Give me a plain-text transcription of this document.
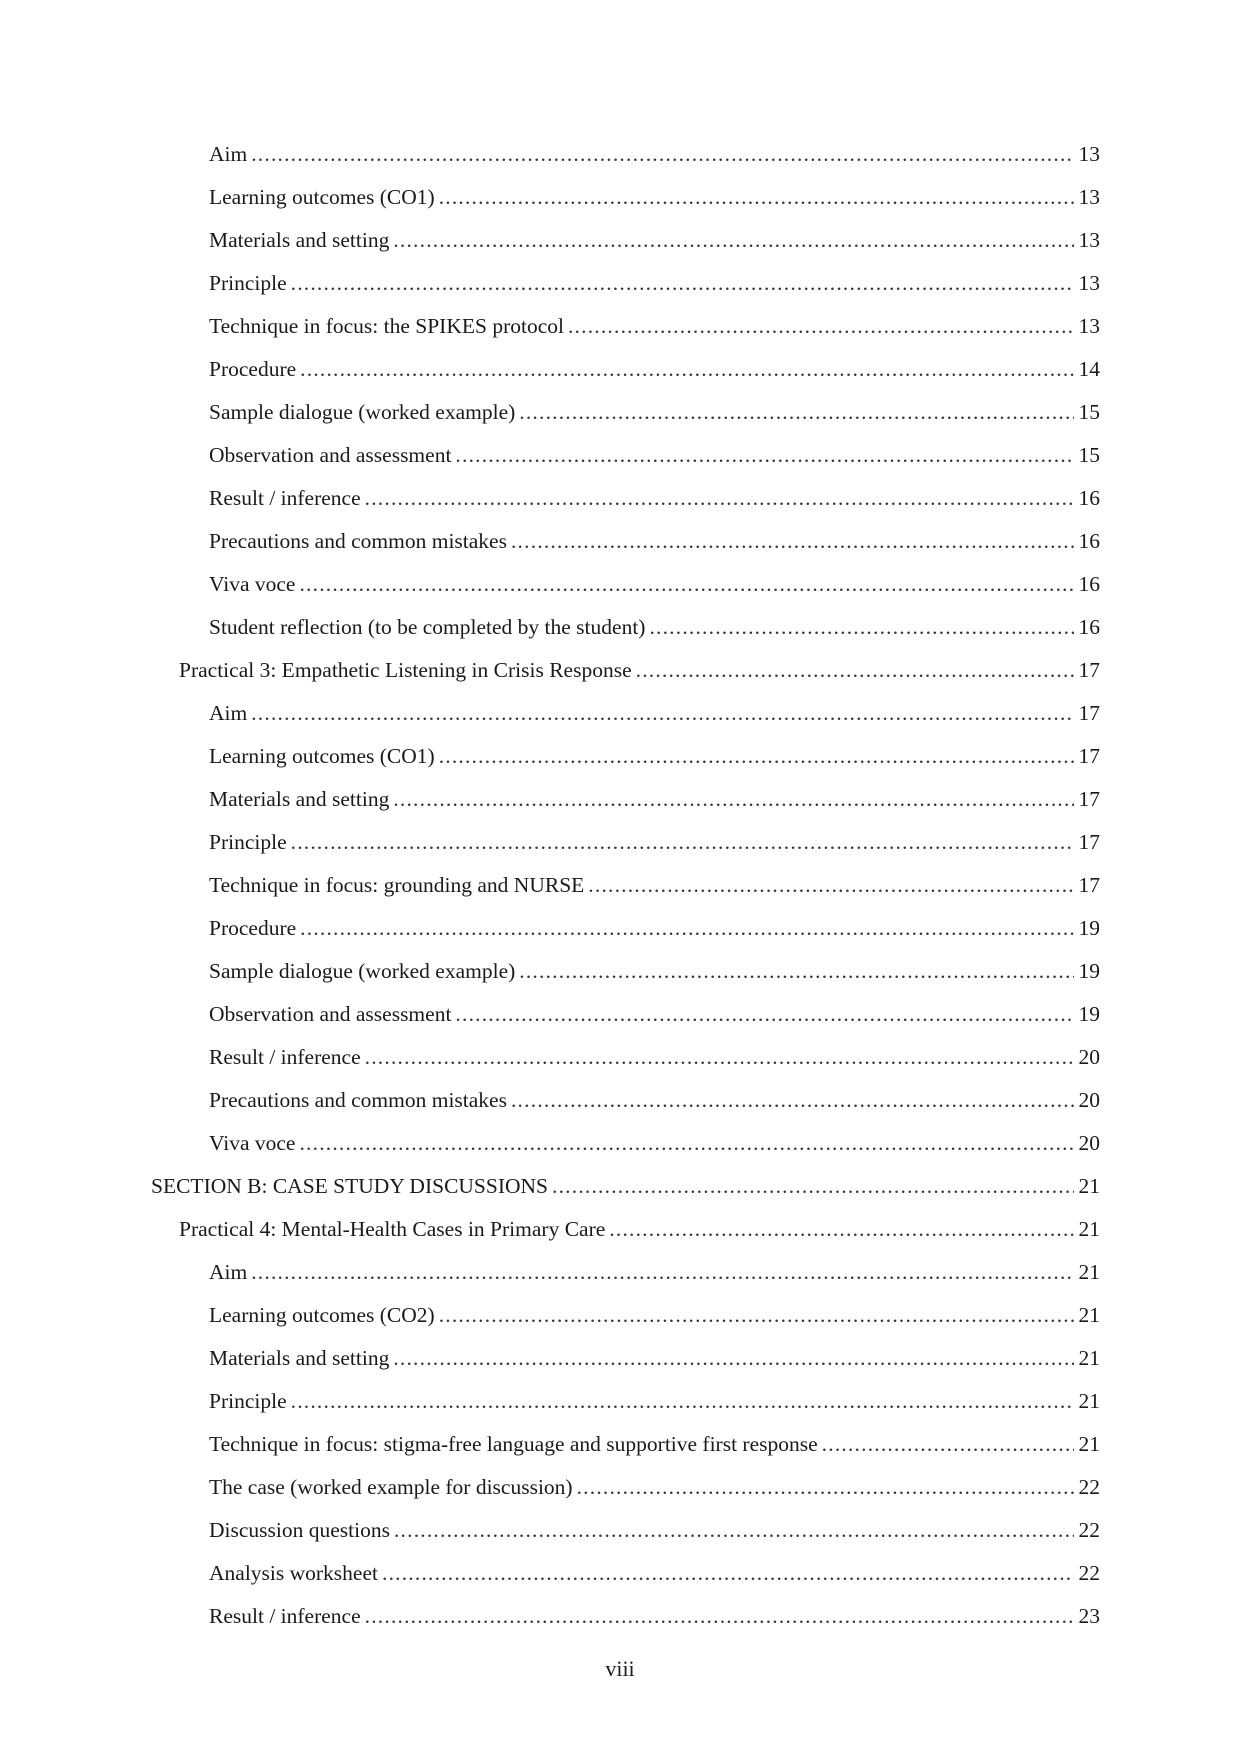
Aim .....	13
Learning outcomes (CO1) .....	13
Materials and setting .....	13
Principle .....	13
Technique in focus: the SPIKES protocol .....	13
Procedure .....	14
Sample dialogue (worked example) .....	15
Observation and assessment .....	15
Result / inference .....	16
Precautions and common mistakes .....	16
Viva voce .....	16
Student reflection (to be completed by the student) .....	16
Practical 3: Empathetic Listening in Crisis Response .....	17
Aim .....	17
Learning outcomes (CO1) .....	17
Materials and setting .....	17
Principle .....	17
Technique in focus: grounding and NURSE .....	17
Procedure .....	19
Sample dialogue (worked example) .....	19
Observation and assessment .....	19
Result / inference .....	20
Precautions and common mistakes .....	20
Viva voce .....	20
SECTION B: CASE STUDY DISCUSSIONS .....	21
Practical 4: Mental-Health Cases in Primary Care .....	21
Aim .....	21
Learning outcomes (CO2) .....	21
Materials and setting .....	21
Principle .....	21
Technique in focus: stigma-free language and supportive first response .....	21
The case (worked example for discussion) .....	22
Discussion questions .....	22
Analysis worksheet .....	22
Result / inference .....	23
viii
